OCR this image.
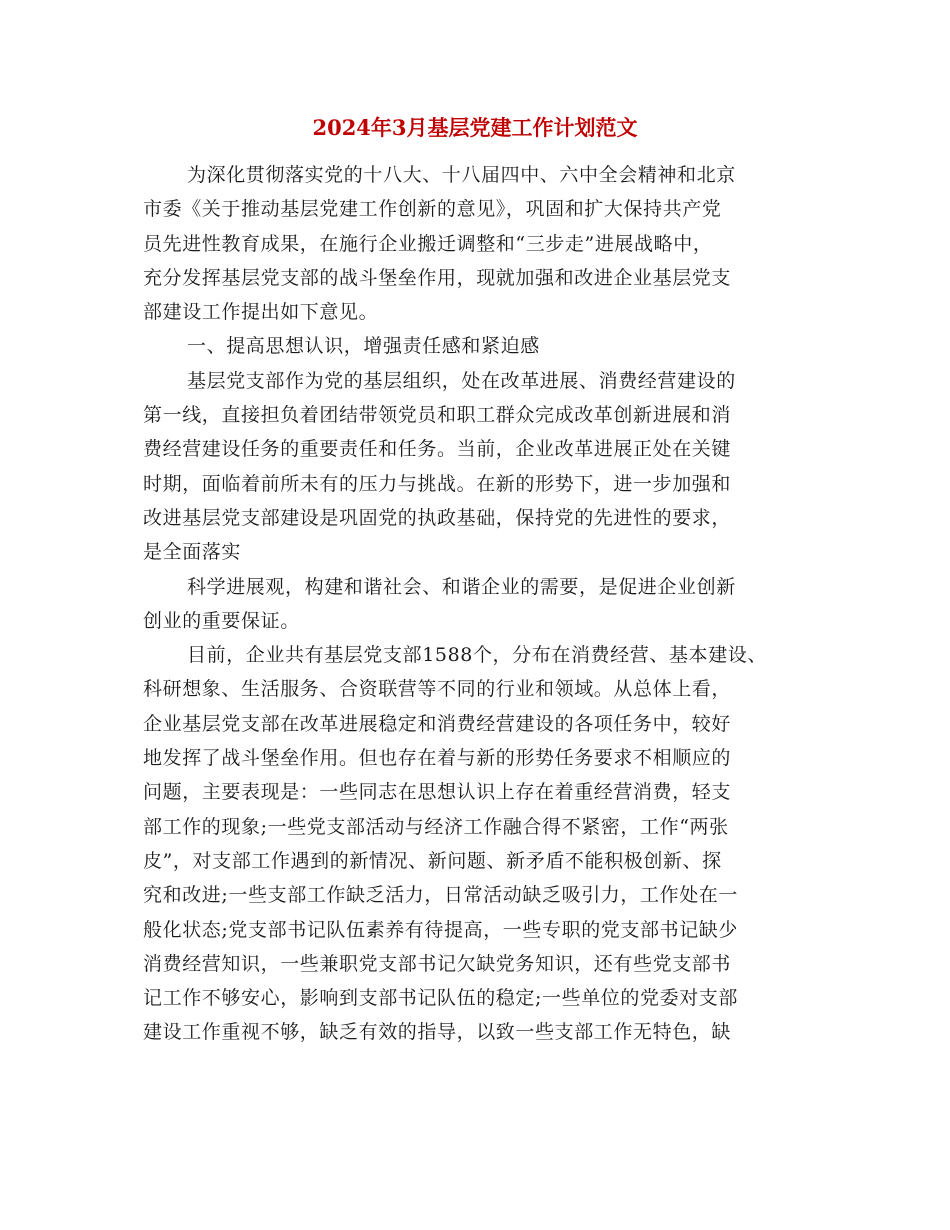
2024年3月基层党建工作计划范文
为深化贯彻落实党的十八大、十八届四中、六中全会精神和北京
市委《关于推动基层党建工作创新的意见》，巩固和扩大保持共产党
员先进性教育成果，在施行企业搬迁调整和“三步走”进展战略中，
充分发挥基层党支部的战斗堡垒作用，现就加强和改进企业基层党支
部建设工作提出如下意见。
一、提高思想认识，增强责任感和紧迫感
基层党支部作为党的基层组织，处在改革进展、消费经营建设的
第一线，直接担负着团结带领党员和职工群众完成改革创新进展和消
费经营建设任务的重要责任和任务。当前，企业改革进展正处在关键
时期，面临着前所未有的压力与挑战。在新的形势下，进一步加强和
改进基层党支部建设是巩固党的执政基础，保持党的先进性的要求，
是全面落实
科学进展观，构建和谐社会、和谐企业的需要，是促进企业创新
创业的重要保证。
目前，企业共有基层党支部1588个，分布在消费经营、基本建设、
科研想象、生活服务、合资联营等不同的行业和领域。从总体上看，
企业基层党支部在改革进展稳定和消费经营建设的各项任务中，较好
地发挥了战斗堡垒作用。但也存在着与新的形势任务要求不相顺应的
问题，主要表现是：一些同志在思想认识上存在着重经营消费，轻支
部工作的现象;一些党支部活动与经济工作融合得不紧密，工作“两张
皮”，对支部工作遇到的新情况、新问题、新矛盾不能积极创新、探
究和改进;一些支部工作缺乏活力，日常活动缺乏吸引力，工作处在一
般化状态;党支部书记队伍素养有待提高，一些专职的党支部书记缺少
消费经营知识，一些兼职党支部书记欠缺党务知识，还有些党支部书
记工作不够安心，影响到支部书记队伍的稳定;一些单位的党委对支部
建设工作重视不够，缺乏有效的指导，以致一些支部工作无特色，缺
